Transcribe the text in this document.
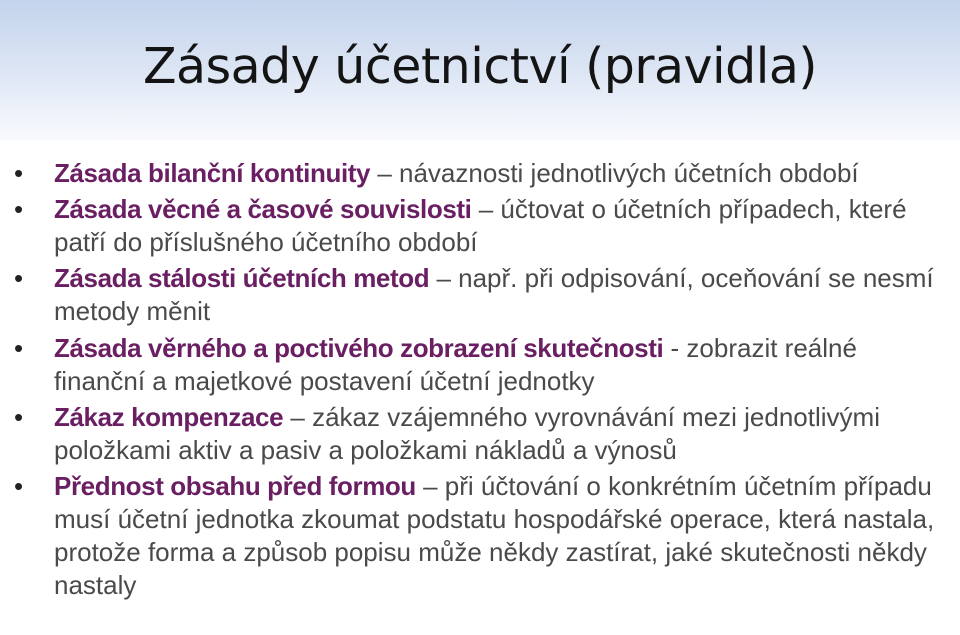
Zásady účetnictví (pravidla)
• Zásada bilanční kontinuity – návaznosti jednotlivých účetních období
• Zásada věcné a časové souvislosti – účtovat o účetních případech, které patří do příslušného účetního období
• Zásada stálosti účetních metod – např. při odpisování, oceňování se nesmí metody měnit
• Zásada věrného a poctivého zobrazení skutečnosti - zobrazit reálné finanční a majetkové postavení účetní jednotky
• Zákaz kompenzace – zákaz vzájemného vyrovnávání mezi jednotlivými položkami aktiv a pasiv a položkami nákladů a výnosů
• Přednost obsahu před formou – při účtování o konkrétním účetním případu musí účetní jednotka zkoumat podstatu hospodářské operace, která nastala, protože forma a způsob popisu může někdy zastírat, jaké skutečnosti někdy nastaly
